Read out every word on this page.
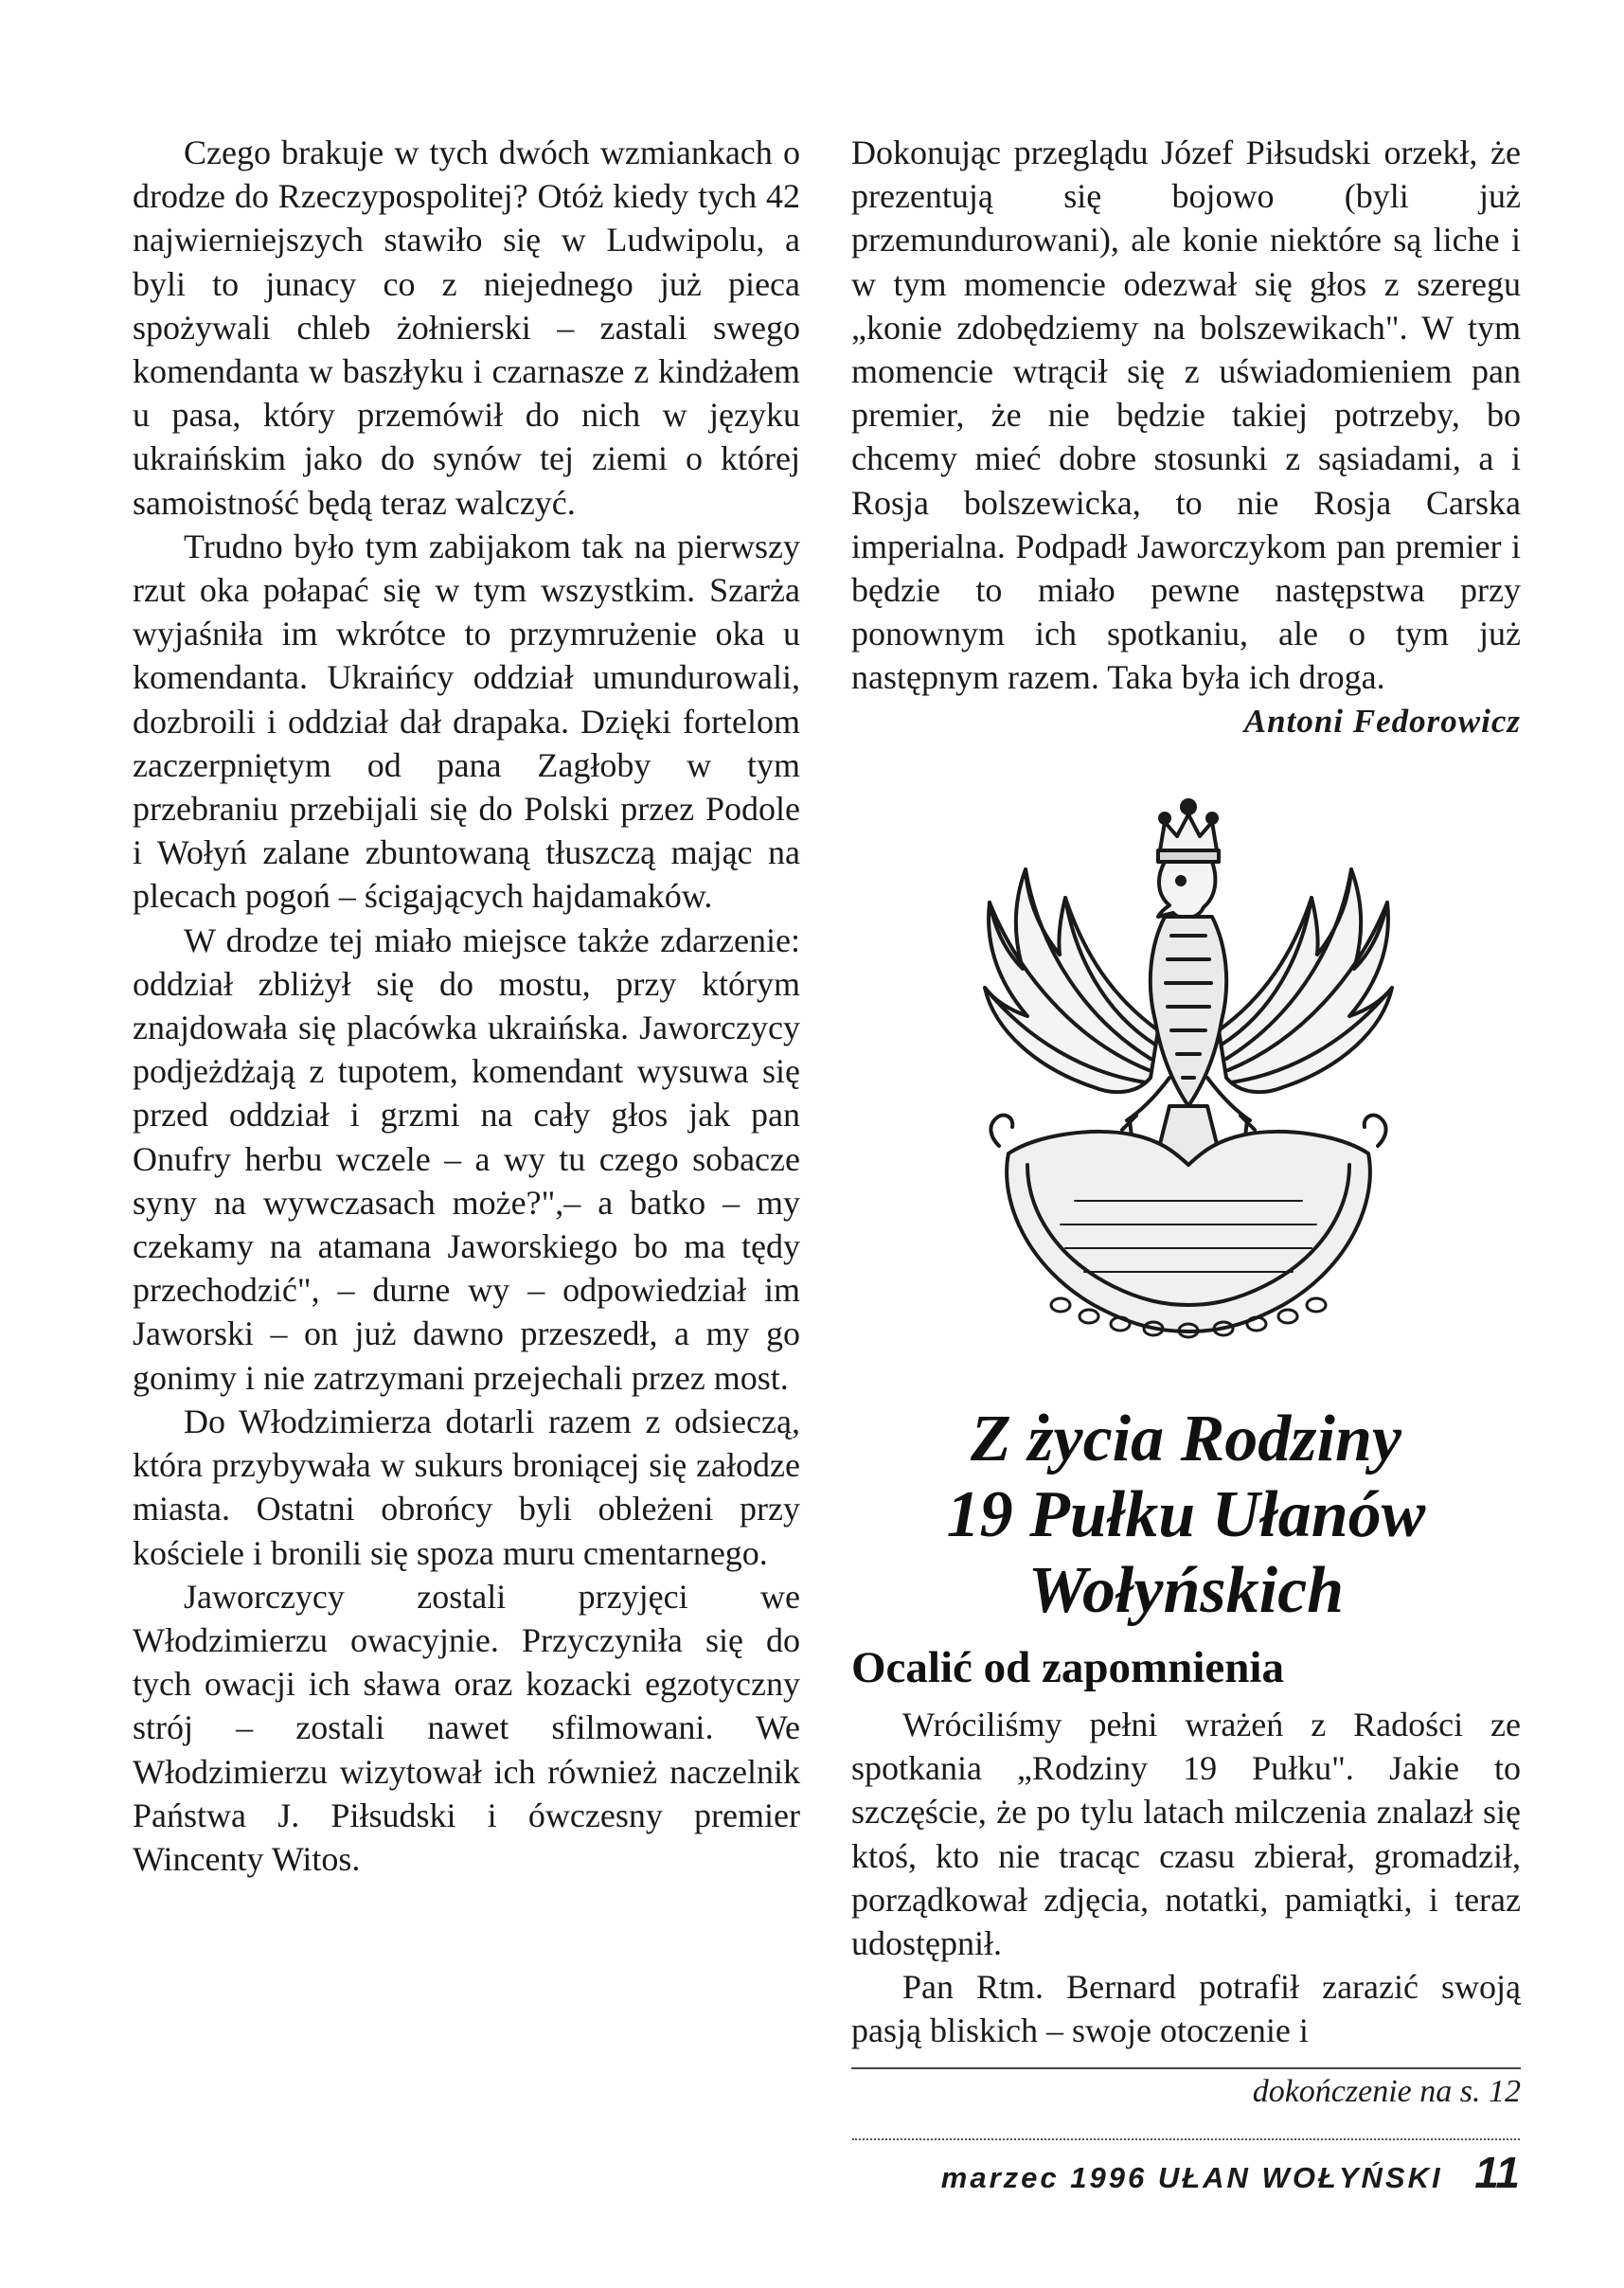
Czego brakuje w tych dwóch wzmiankach o drodze do Rzeczypospolitej? Otóż kiedy tych 42 najwierniejszych stawiło się w Ludwipolu, a byli to junacy co z niejednego już pieca spożywali chleb żołnierski – zastali swego komendanta w baszłyku i czarnasze z kindżałem u pasa, który przemówił do nich w języku ukraińskim jako do synów tej ziemi o której samoistność będą teraz walczyć.

Trudno było tym zabijakom tak na pierwszy rzut oka połapać się w tym wszystkim. Szarża wyjaśniła im wkrótce to przymrużenie oka u komendanta. Ukraińcy oddział umundurowali, dozbroili i oddział dał drapaka. Dzięki fortelom zaczerpniętym od pana Zagłoby w tym przebraniu przebijali się do Polski przez Podole i Wołyń zalane zbuntowaną tłuszczą mając na plecach pogoń – ścigających hajdamaków.

W drodze tej miało miejsce także zdarzenie: oddział zbliżył się do mostu, przy którym znajdowała się placówka ukraińska. Jaworczycy podjeżdżają z tupotem, komendant wysuwa się przed oddział i grzmi na cały głos jak pan Onufry herbu wczele – a wy tu czego sobacze syny na wywczasach może?",– a batko – my czekamy na atamana Jaworskiego bo ma tędy przechodzić", – durne wy – odpowiedział im Jaworski – on już dawno przeszedł, a my go gonimy i nie zatrzymani przejechali przez most.

Do Włodzimierza dotarli razem z odsieczą, która przybywała w sukurs broniącej się załodze miasta. Ostatni obrońcy byli obleżeni przy kościele i bronili się spoza muru cmentarnego.

Jaworczycy zostali przyjęci we Włodzimierzu owacyjnie. Przyczyniła się do tych owacji ich sława oraz kozacki egzotyczny strój – zostali nawet sfilmowani. We Włodzimierzu wizytował ich również naczelnik Państwa J. Piłsudski i ówczesny premier Wincenty Witos.

Dokonując przeglądu Józef Piłsudski orzekł, że prezentują się bojowo (byli już przemundurowani), ale konie niektóre są liche i w tym momencie odezwał się głos z szeregu „konie zdobędziemy na bolszewikach". W tym momencie wtrącił się z uświadomieniem pan premier, że nie będzie takiej potrzeby, bo chcemy mieć dobre stosunki z sąsiadami, a i Rosja bolszewicka, to nie Rosja Carska imperialna. Podpadł Jaworczykom pan premier i będzie to miało pewne następstwa przy ponownym ich spotkaniu, ale o tym już następnym razem. Taka była ich droga.

Antoni Fedorowicz

Z życia Rodziny
19 Pułku Ułanów
Wołyńskich
Ocalić od zapomnienia

Wróciliśmy pełni wrażeń z Radości ze spotkania „Rodziny 19 Pułku". Jakie to szczęście, że po tylu latach milczenia znalazł się ktoś, kto nie tracąc czasu zbierał, gromadził, porządkował zdjęcia, notatki, pamiątki, i teraz udostępnił.

Pan Rtm. Bernard potrafił zarazić swoją pasją bliskich – swoje otoczenie i

dokończenie na s. 12

marzec 1996 UŁAN WOŁYŃSKI 11
